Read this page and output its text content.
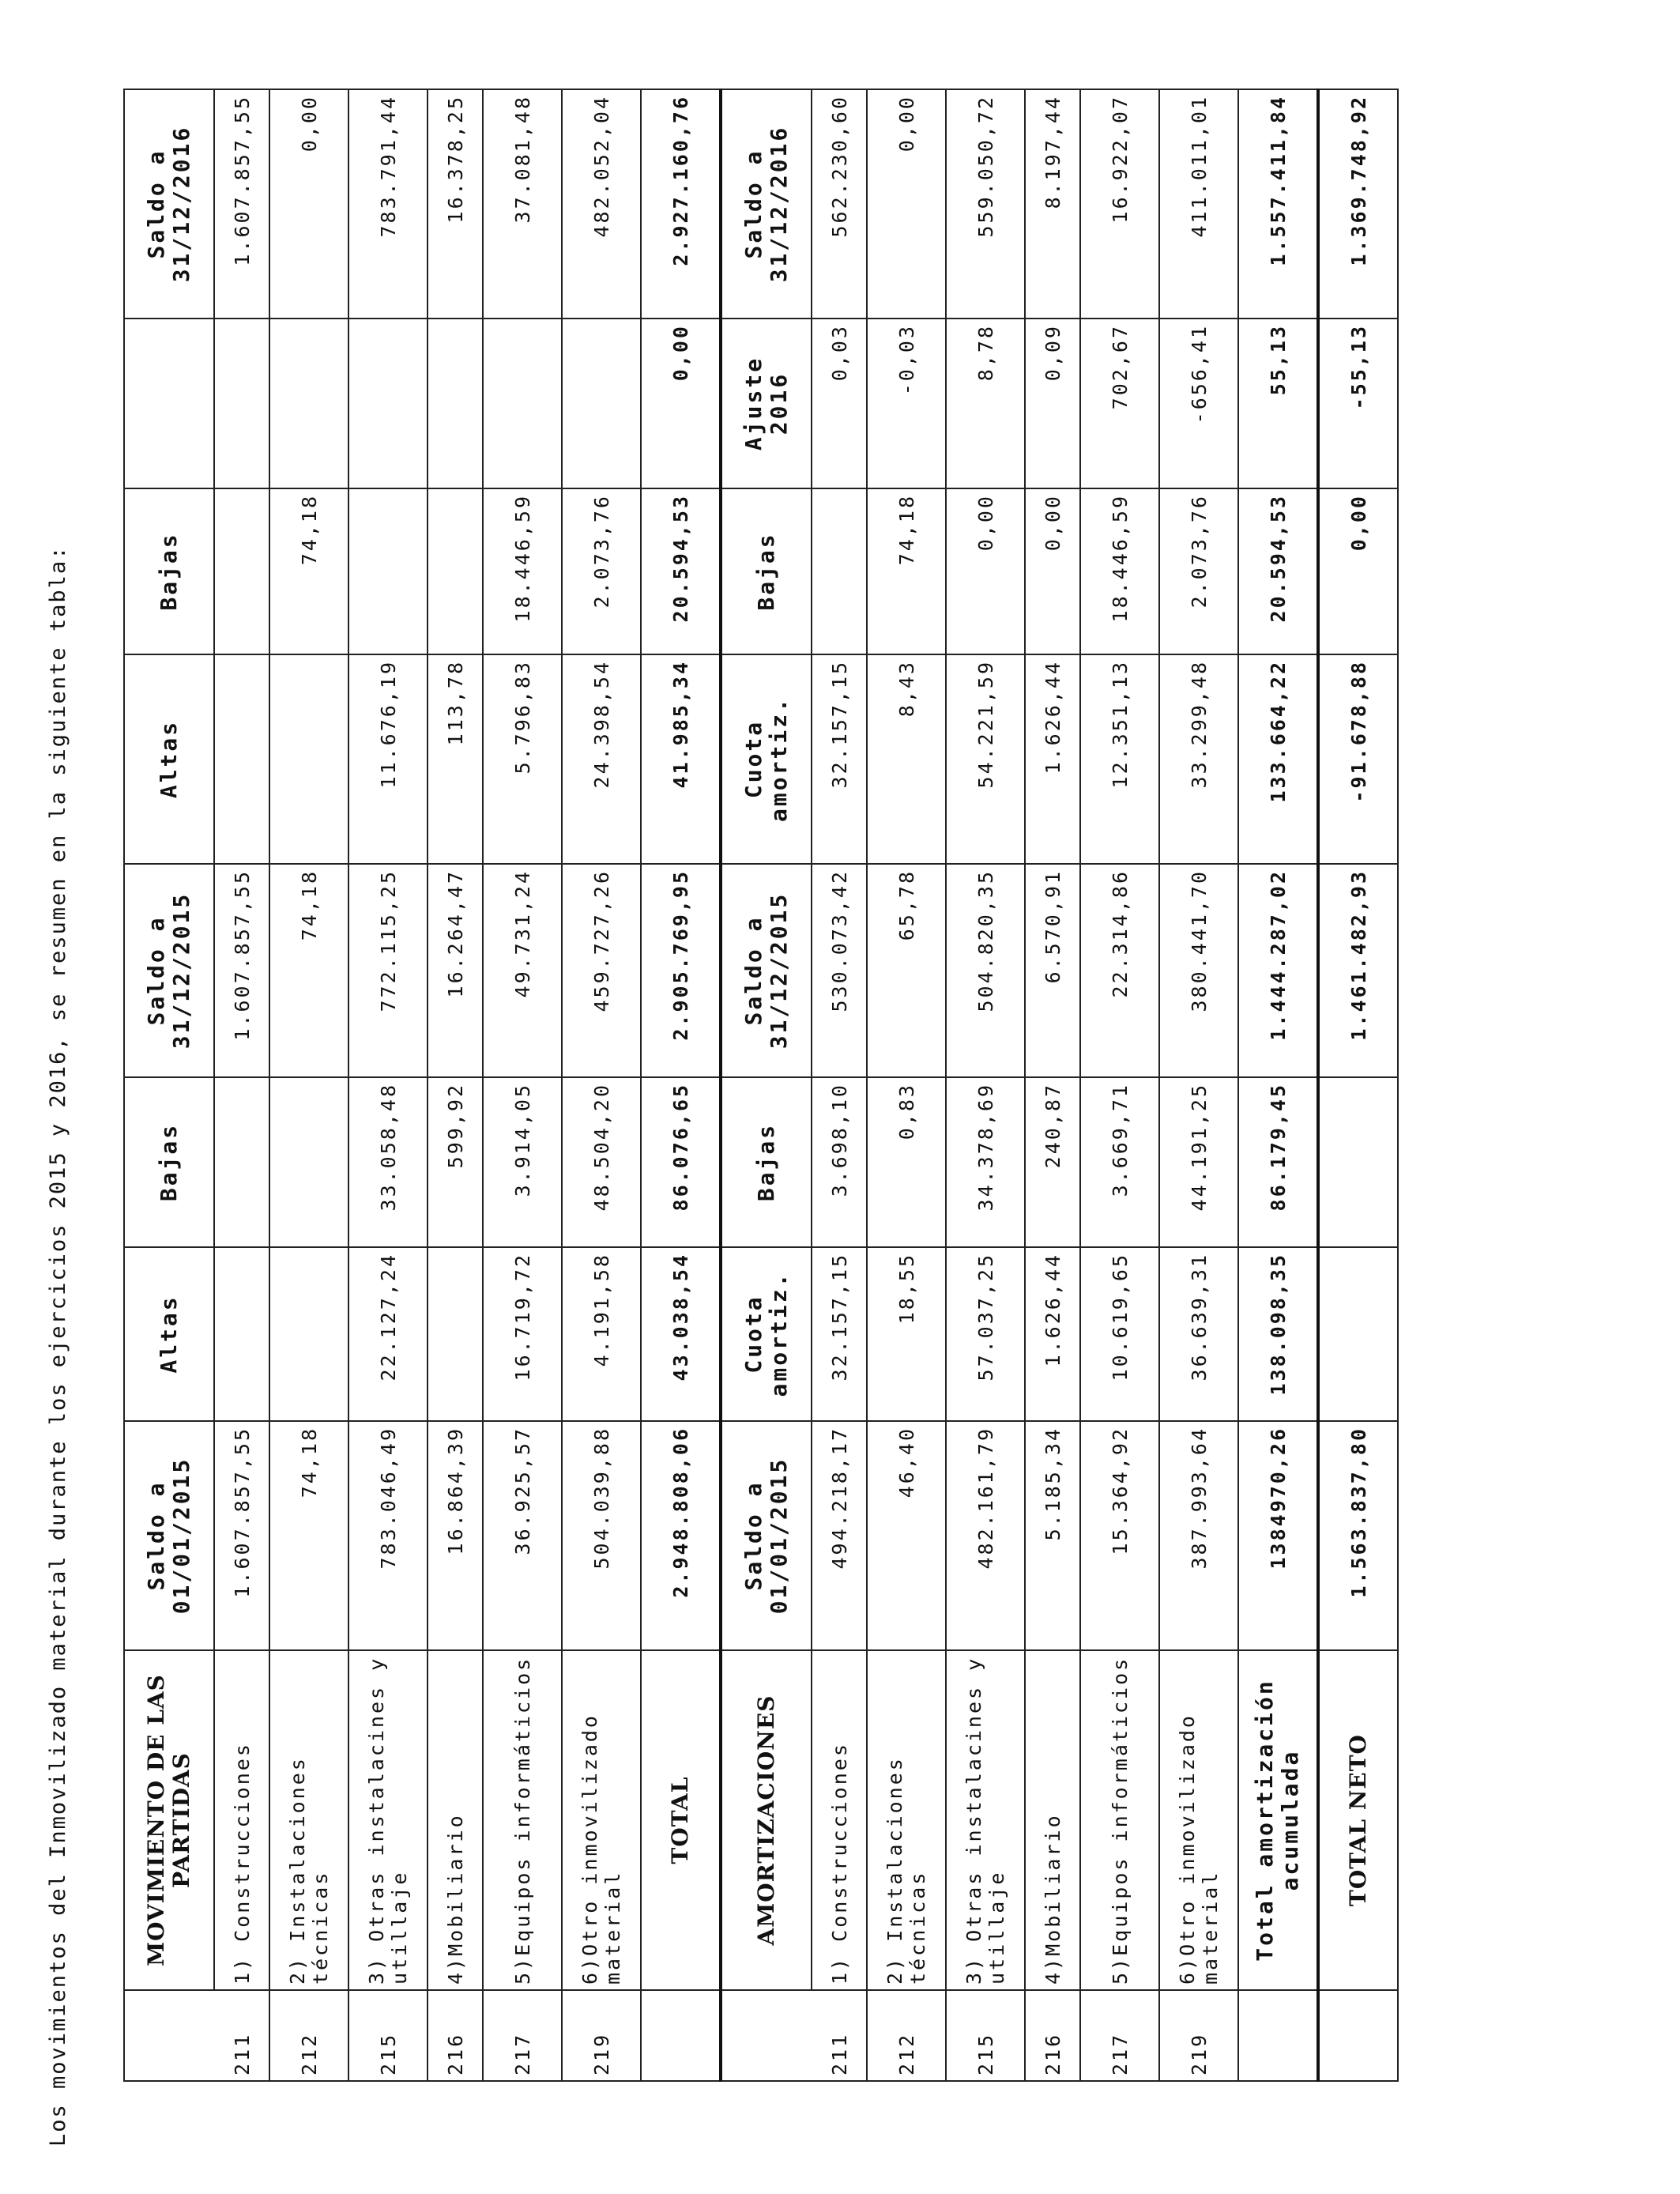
Los movimientos del Inmovilizado material durante los ejercicios 2015 y 2016, se resumen en la siguiente tabla:
		MOVIMIENTO DE LAS PARTIDAS	Saldo a 01/01/2015	Altas	Bajas	Saldo a 31/12/2015	Altas	Bajas		Saldo a 31/12/2016
211	1) Construcciones	1.607.857,55			1.607.857,55				1.607.857,55
212	2) Instalaciones técnicas	74,18			74,18		74,18		0,00
215	3) Otras instalacines y utillaje	783.046,49	22.127,24	33.058,48	772.115,25	11.676,19			783.791,44
216	4)Mobiliario	16.864,39		599,92	16.264,47	113,78			16.378,25
217	5)Equipos informáticios	36.925,57	16.719,72	3.914,05	49.731,24	5.796,83	18.446,59		37.081,48
219	6)Otro inmovilizado material	504.039,88	4.191,58	48.504,20	459.727,26	24.398,54	2.073,76		482.052,04
	TOTAL	2.948.808,06	43.038,54	86.076,65	2.905.769,95	41.985,34	20.594,53	0,00	2.927.160,76
	AMORTIZACIONES	Saldo a 01/01/2015	Cuota amortiz.	Bajas	Saldo a 31/12/2015	Cuota amortiz.	Bajas	Ajuste 2016	Saldo a 31/12/2016
211	1) Construcciones	494.218,17	32.157,15	3.698,10	530.073,42	32.157,15		0,03	562.230,60
212	2) Instalaciones técnicas	46,40	18,55	0,83	65,78	8,43	74,18	-0,03	0,00
215	3) Otras instalacines y utillaje	482.161,79	57.037,25	34.378,69	504.820,35	54.221,59	0,00	8,78	559.050,72
216	4)Mobiliario	5.185,34	1.626,44	240,87	6.570,91	1.626,44	0,00	0,09	8.197,44
217	5)Equipos informáticios	15.364,92	10.619,65	3.669,71	22.314,86	12.351,13	18.446,59	702,67	16.922,07
219	6)Otro inmovilizado material	387.993,64	36.639,31	44.191,25	380.441,70	33.299,48	2.073,76	-656,41	411.011,01
	Total amortización acumulada	1384970,26	138.098,35	86.179,45	1.444.287,02	133.664,22	20.594,53	55,13	1.557.411,84
	TOTAL NETO	1.563.837,80			1.461.482,93	-91.678,88	0,00	-55,13	1.369.748,92
